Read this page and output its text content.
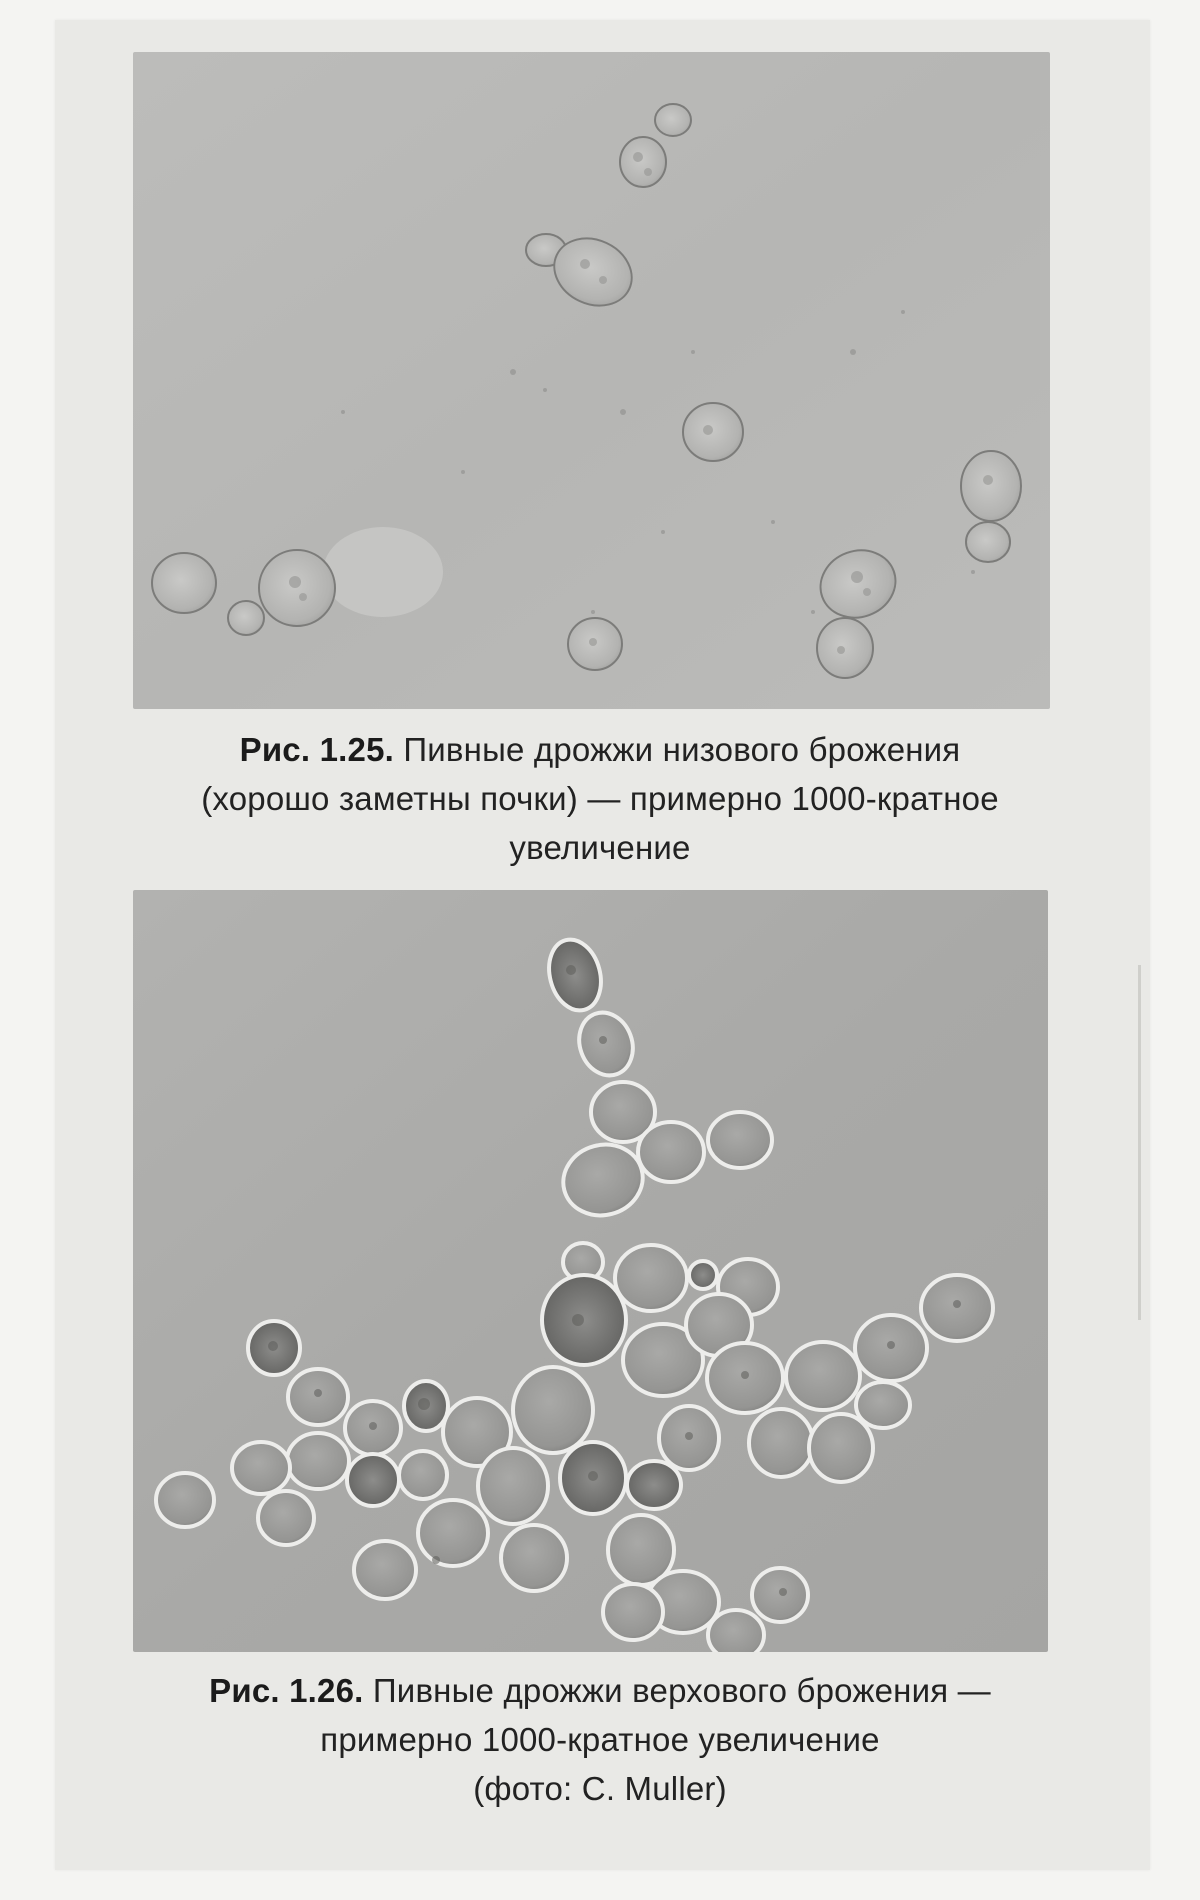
Рис. 1.25. Пивные дрожжи низового брожения
(хорошо заметны почки) — примерно 1000-кратное
увеличение
Рис. 1.26. Пивные дрожжи верхового брожения —
примерно 1000-кратное увеличение
(фото: C. Muller)
